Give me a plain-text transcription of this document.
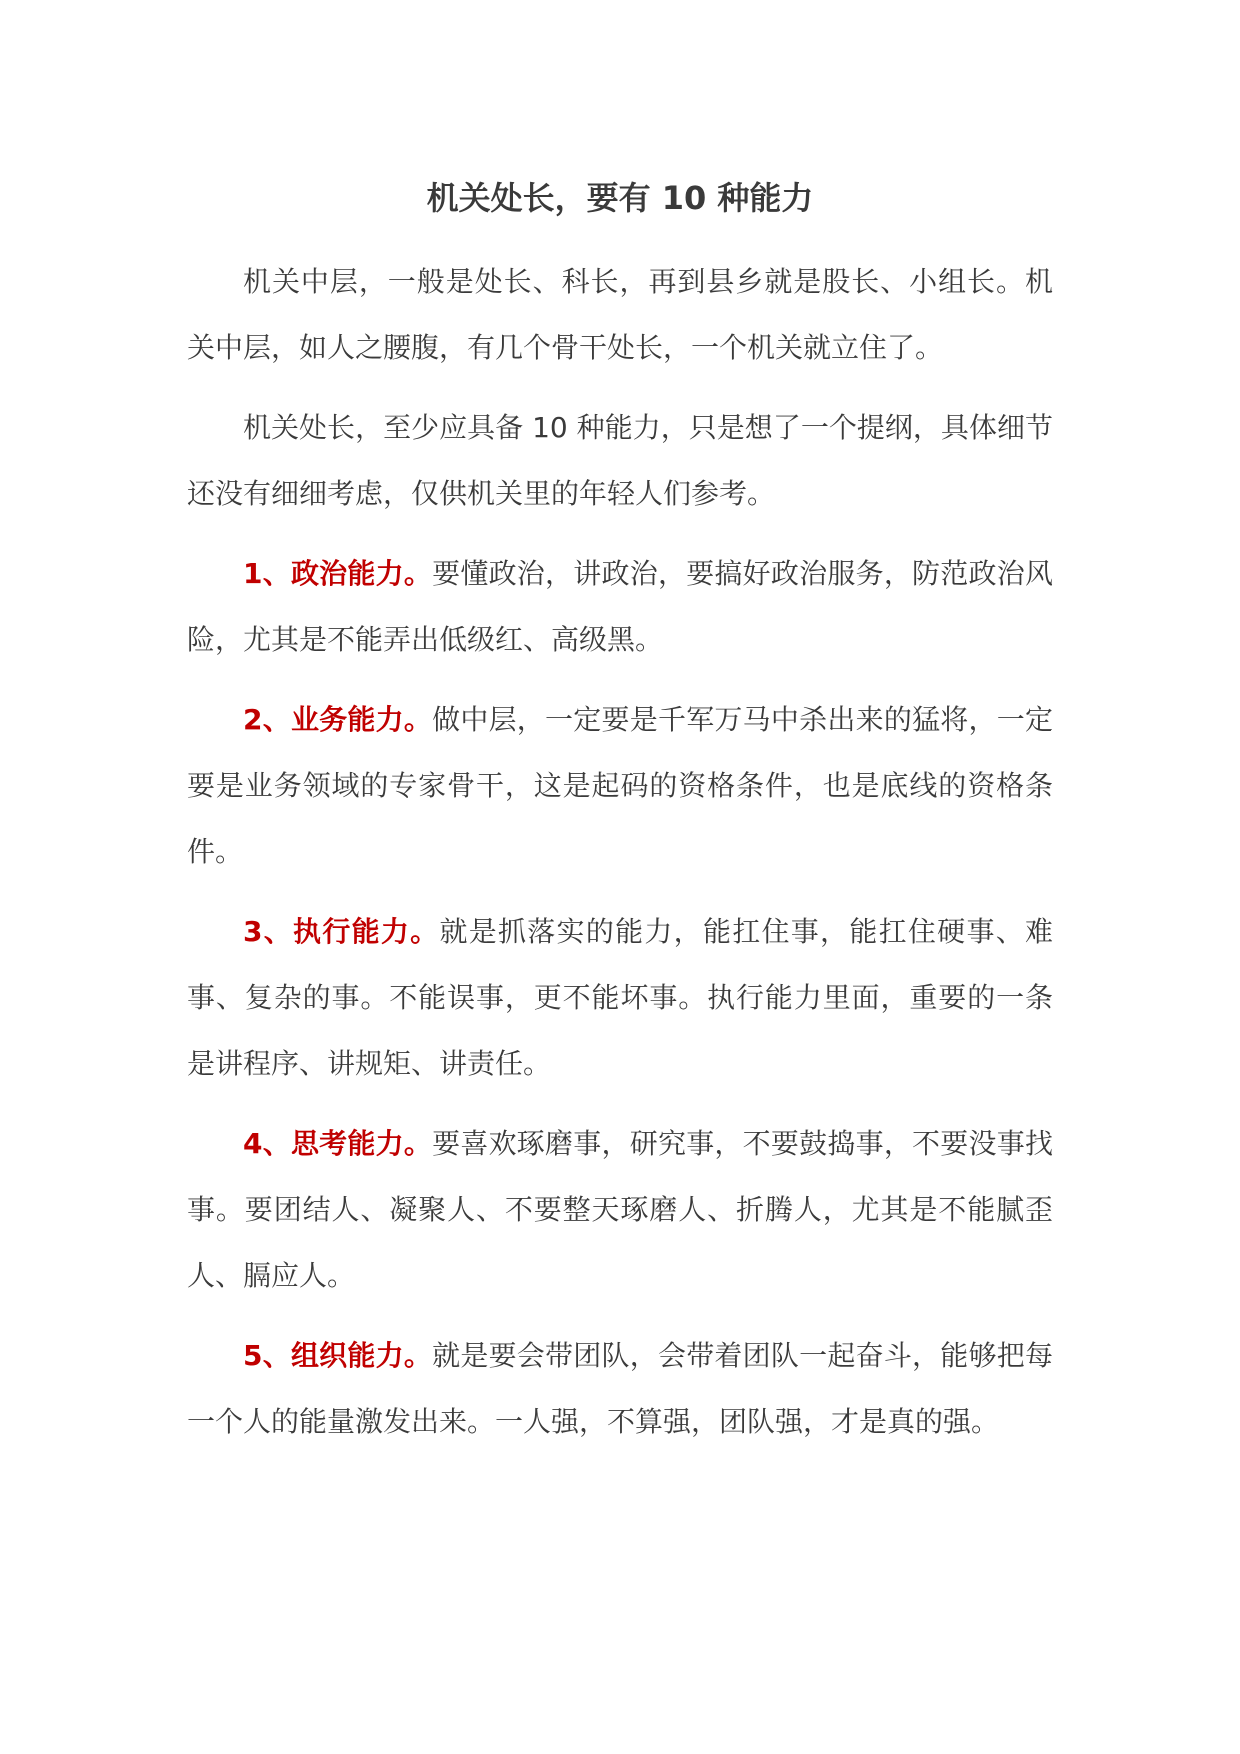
机关处长，要有 10 种能力

机关中层，一般是处长、科长，再到县乡就是股长、小组长。机关中层，如人之腰腹，有几个骨干处长，一个机关就立住了。

机关处长，至少应具备 10 种能力，只是想了一个提纲，具体细节还没有细细考虑，仅供机关里的年轻人们参考。

1、政治能力。要懂政治，讲政治，要搞好政治服务，防范政治风险，尤其是不能弄出低级红、高级黑。

2、业务能力。做中层，一定要是千军万马中杀出来的猛将，一定要是业务领域的专家骨干，这是起码的资格条件，也是底线的资格条件。

3、执行能力。就是抓落实的能力，能扛住事，能扛住硬事、难事、复杂的事。不能误事，更不能坏事。执行能力里面，重要的一条是讲程序、讲规矩、讲责任。

4、思考能力。要喜欢琢磨事，研究事，不要鼓捣事，不要没事找事。要团结人、凝聚人、不要整天琢磨人、折腾人，尤其是不能腻歪人、膈应人。

5、组织能力。就是要会带团队，会带着团队一起奋斗，能够把每一个人的能量激发出来。一人强，不算强，团队强，才是真的强。
